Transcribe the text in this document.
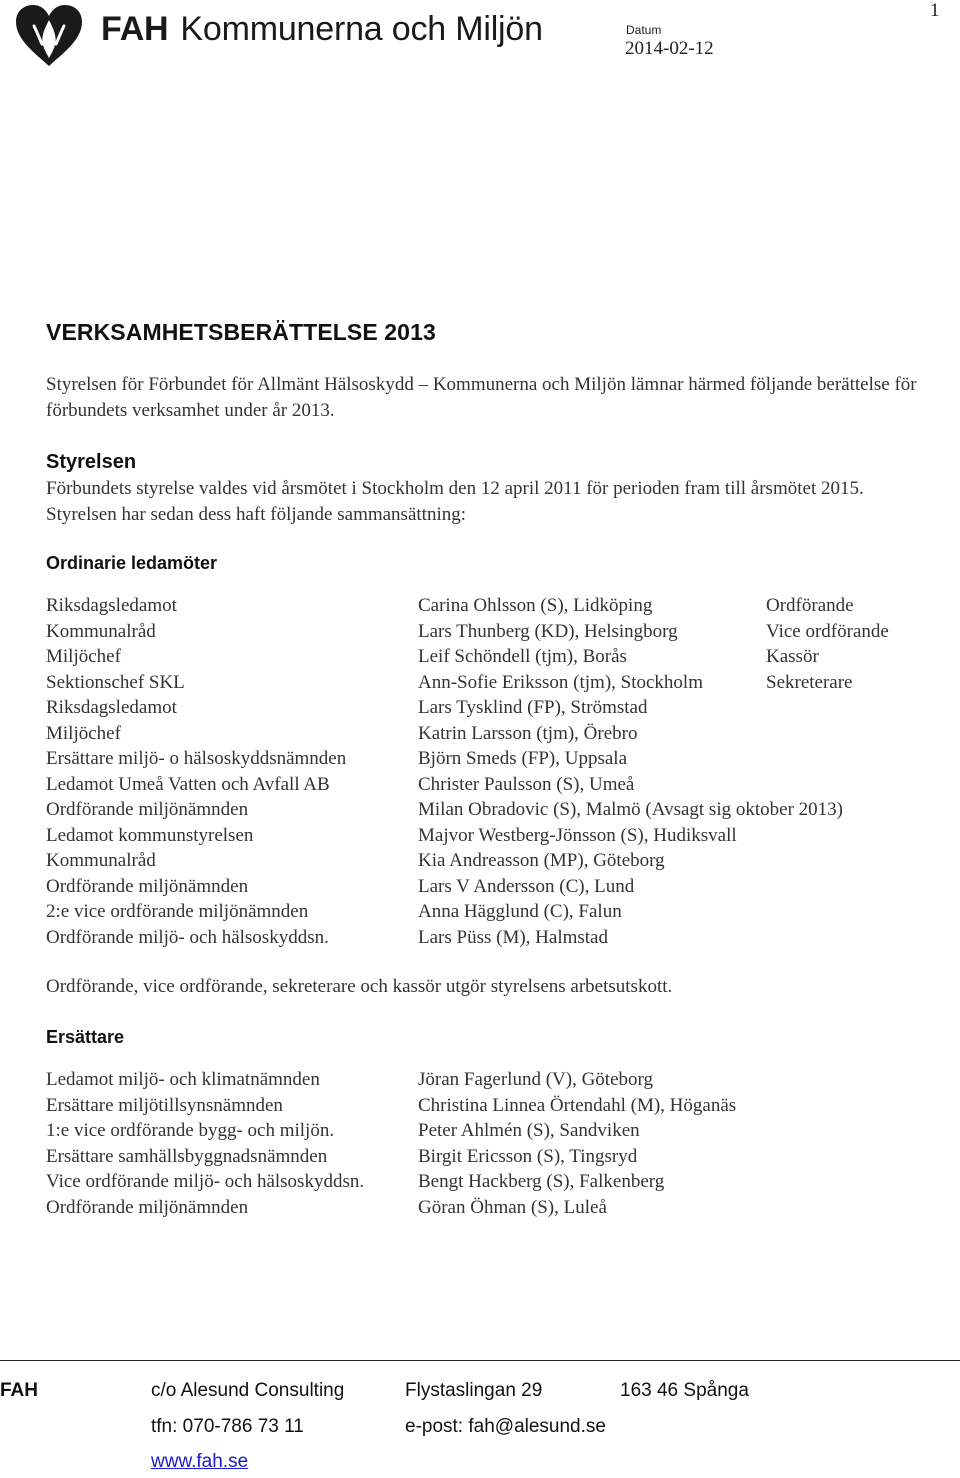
FAH Kommunerna och Miljön	Datum
2014-02-12
1
VERKSAMHETSBERÄTTELSE 2013
Styrelsen för Förbundet för Allmänt Hälsoskydd – Kommunerna och Miljön lämnar härmed följande berättelse för förbundets verksamhet under år 2013.
Styrelsen
Förbundets styrelse valdes vid årsmötet i Stockholm den 12 april 2011 för perioden fram till årsmötet 2015. Styrelsen har sedan dess haft följande sammansättning:
Ordinarie ledamöter
Riksdagsledamot	Carina Ohlsson (S), Lidköping	Ordförande
Kommunalråd	Lars Thunberg (KD), Helsingborg	Vice ordförande
Miljöchef	Leif Schöndell (tjm), Borås	Kassör
Sektionschef SKL	Ann-Sofie Eriksson (tjm), Stockholm	Sekreterare
Riksdagsledamot	Lars Tysklind (FP), Strömstad
Miljöchef	Katrin Larsson (tjm), Örebro
Ersättare miljö- o hälsoskyddsnämnden	Björn Smeds (FP), Uppsala
Ledamot Umeå Vatten och Avfall AB	Christer Paulsson (S), Umeå
Ordförande miljönämnden	Milan Obradovic (S), Malmö (Avsagt sig oktober 2013)
Ledamot kommunstyrelsen	Majvor Westberg-Jönsson (S), Hudiksvall
Kommunalråd	Kia Andreasson (MP), Göteborg
Ordförande miljönämnden	Lars V Andersson (C), Lund
2:e vice ordförande miljönämnden	Anna Hägglund (C), Falun
Ordförande miljö- och hälsoskyddsn.	Lars Püss (M), Halmstad
Ordförande, vice ordförande, sekreterare och kassör utgör styrelsens arbetsutskott.
Ersättare
Ledamot miljö- och klimatnämnden	Jöran Fagerlund (V), Göteborg
Ersättare miljötillsynsnämnden	Christina Linnea Örtendahl (M), Höganäs
1:e vice ordförande bygg- och miljön.	Peter Ahlmén (S), Sandviken
Ersättare samhällsbyggnadsnämnden	Birgit Ericsson (S), Tingsryd
Vice ordförande miljö- och hälsoskyddsn.	Bengt Hackberg (S), Falkenberg
Ordförande miljönämnden	Göran Öhman (S), Luleå
FAH	c/o Alesund Consulting	Flystaslingan 29	163 46 Spånga
tfn: 070-786 73 11	e-post: fah@alesund.se
www.fah.se
